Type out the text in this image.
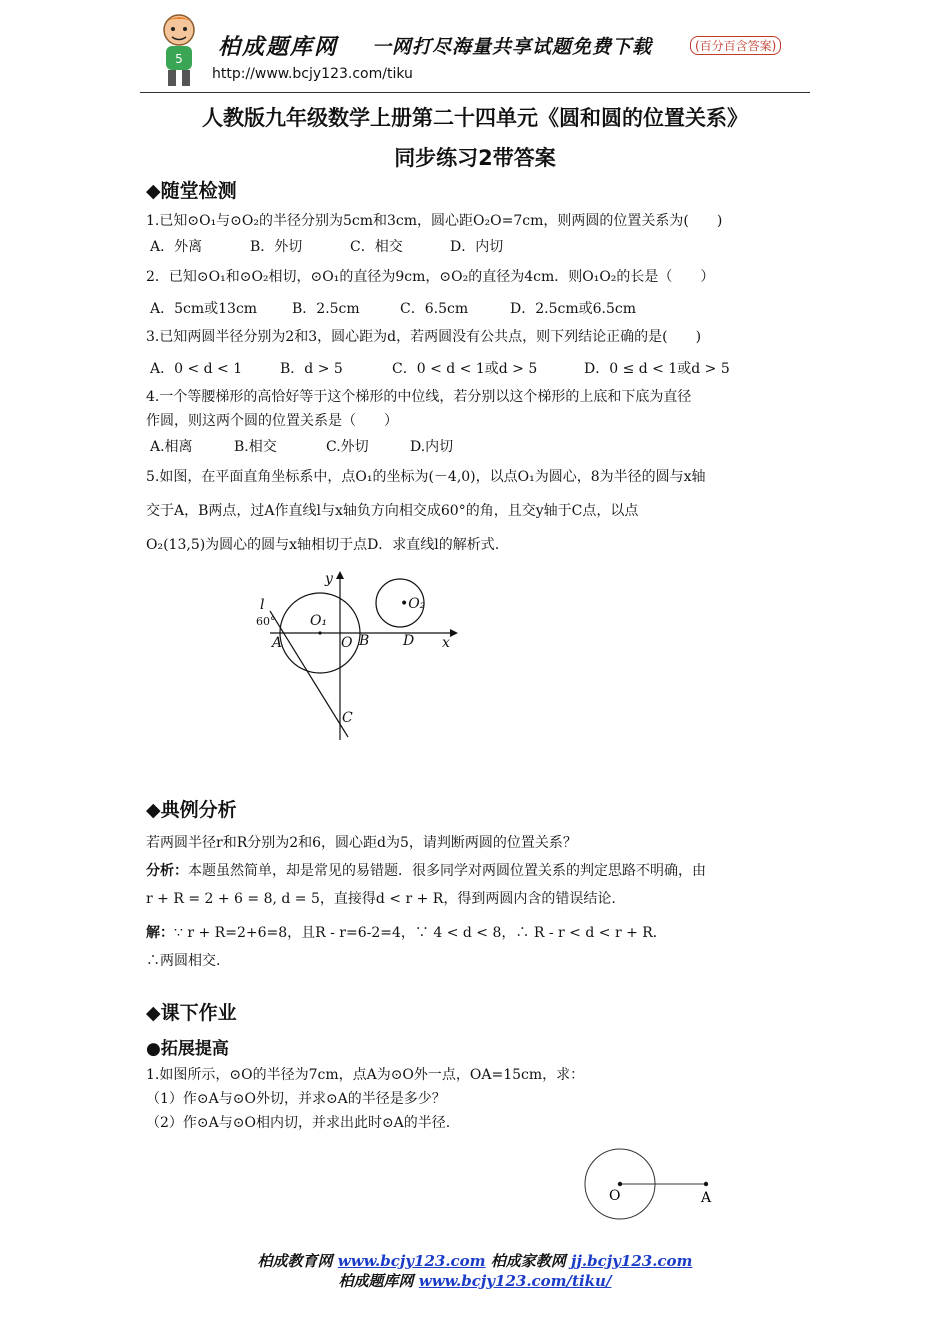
5 柏成题库网 一网打尽海量共享试题免费下载	(百分百含答案)
http://www.bcjy123.com/tiku
人教版九年级数学上册第二十四单元《圆和圆的位置关系》
同步练习2带答案
◆随堂检测
1.已知⊙O₁与⊙O₂的半径分别为5cm和3cm，圆心距O₂O=7cm，则两圆的位置关系为(　　)
A．外离	B．外切	C．相交	D．内切
2．已知⊙O₁和⊙O₂相切，⊙O₁的直径为9cm，⊙O₂的直径为4cm．则O₁O₂的长是（　　）
A．5cm或13cm B．2.5cm	C．6.5cm	D．2.5cm或6.5cm
3.已知两圆半径分别为2和3，圆心距为d，若两圆没有公共点，则下列结论正确的是(　　)
A．0 < d < 1	B．d > 5	C．0 < d < 1或d > 5	D．0 ≤ d < 1或d > 5
4.一个等腰梯形的高恰好等于这个梯形的中位线，若分别以这个梯形的上底和下底为直径
作圆，则这两个圆的位置关系是（　　）
A.相离	B.相交	C.外切	D.内切
5.如图，在平面直角坐标系中，点O₁的坐标为(－4,0)，以点O₁为圆心，8为半径的圆与x轴
交于A，B两点，过A作直线l与x轴负方向相交成60°的角，且交y轴于C点，以点
O₂(13,5)为圆心的圆与x轴相切于点D．求直线l的解析式.
l
60°
A
O₁
O B D x
y
•O₂
C
◆典例分析
若两圆半径r和R分别为2和6，圆心距d为5，请判断两圆的位置关系？
分析：本题虽然简单，却是常见的易错题．很多同学对两圆位置关系的判定思路不明确，由
r + R = 2 + 6 = 8, d = 5，直接得d < r + R，得到两圆内含的错误结论.
解：∵ r + R=2+6=8，且R - r=6-2=4，∵ 4 < d < 8，∴ R - r < d < r + R．
∴两圆相交.
◆课下作业
●拓展提高
1.如图所示，⊙O的半径为7cm，点A为⊙O外一点，OA=15cm，求：
（1）作⊙A与⊙O外切，并求⊙A的半径是多少？
（2）作⊙A与⊙O相内切，并求出此时⊙A的半径.
O	A
柏成教育网 www.bcjy123.com 柏成家教网 jj.bcjy123.com
柏成题库网 www.bcjy123.com/tiku/
